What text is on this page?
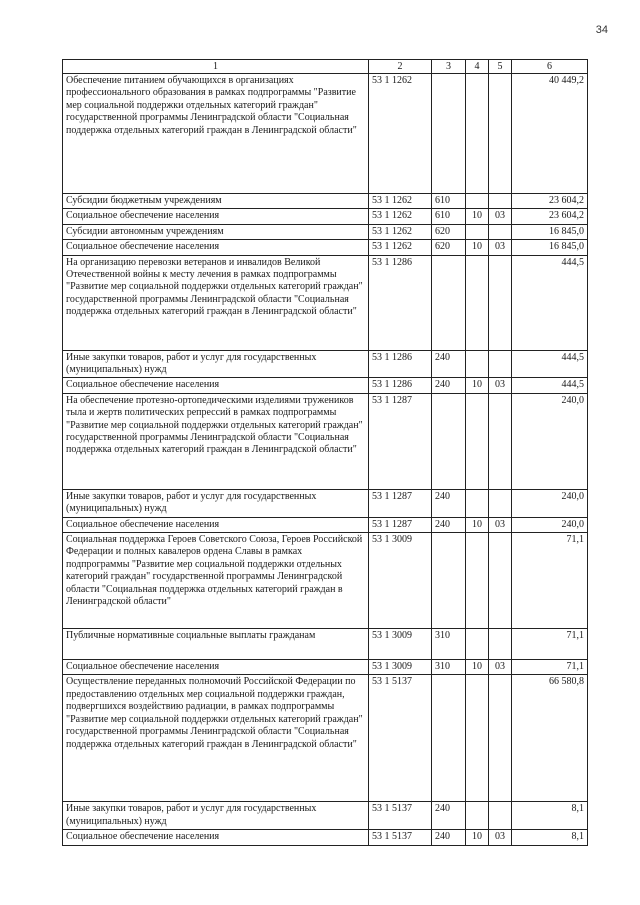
34
1	2	3	4	5	6
Обеспечение питанием обучающихся в организациях профессионального образования в рамках подпрограммы "Развитие мер социальной поддержки отдельных категорий граждан" государственной программы Ленинградской области "Социальная поддержка отдельных категорий граждан в Ленинградской области"	53 1 1262				40 449,2
Субсидии бюджетным учреждениям	53 1 1262	610			23 604,2
Социальное обеспечение населения	53 1 1262	610	10	03	23 604,2
Субсидии автономным учреждениям	53 1 1262	620			16 845,0
Социальное обеспечение населения	53 1 1262	620	10	03	16 845,0
На организацию перевозки ветеранов и инвалидов Великой Отечественной войны к месту лечения в рамках подпрограммы "Развитие мер социальной поддержки отдельных категорий граждан" государственной программы Ленинградской области "Социальная поддержка отдельных категорий граждан в Ленинградской области"	53 1 1286				444,5
Иные закупки товаров, работ и услуг для государственных (муниципальных) нужд	53 1 1286	240			444,5
Социальное обеспечение населения	53 1 1286	240	10	03	444,5
На обеспечение протезно-ортопедическими изделиями тружеников тыла и жертв политических репрессий в рамках подпрограммы "Развитие мер социальной поддержки отдельных категорий граждан" государственной программы Ленинградской области "Социальная поддержка отдельных категорий граждан в Ленинградской области"	53 1 1287				240,0
Иные закупки товаров, работ и услуг для государственных (муниципальных) нужд	53 1 1287	240			240,0
Социальное обеспечение населения	53 1 1287	240	10	03	240,0
Социальная поддержка Героев Советского Союза, Героев Российской Федерации и полных кавалеров ордена Славы в рамках подпрограммы "Развитие мер социальной поддержки отдельных категорий граждан" государственной программы Ленинградской области "Социальная поддержка отдельных категорий граждан в Ленинградской области"	53 1 3009				71,1
Публичные нормативные социальные выплаты гражданам	53 1 3009	310			71,1
Социальное обеспечение населения	53 1 3009	310	10	03	71,1
Осуществление переданных полномочий Российской Федерации по предоставлению отдельных мер социальной поддержки граждан, подвергшихся воздействию радиации, в рамках подпрограммы "Развитие мер социальной поддержки отдельных категорий граждан" государственной программы Ленинградской области "Социальная поддержка отдельных категорий граждан в Ленинградской области"	53 1 5137				66 580,8
Иные закупки товаров, работ и услуг для государственных (муниципальных) нужд	53 1 5137	240			8,1
Социальное обеспечение населения	53 1 5137	240	10	03	8,1
